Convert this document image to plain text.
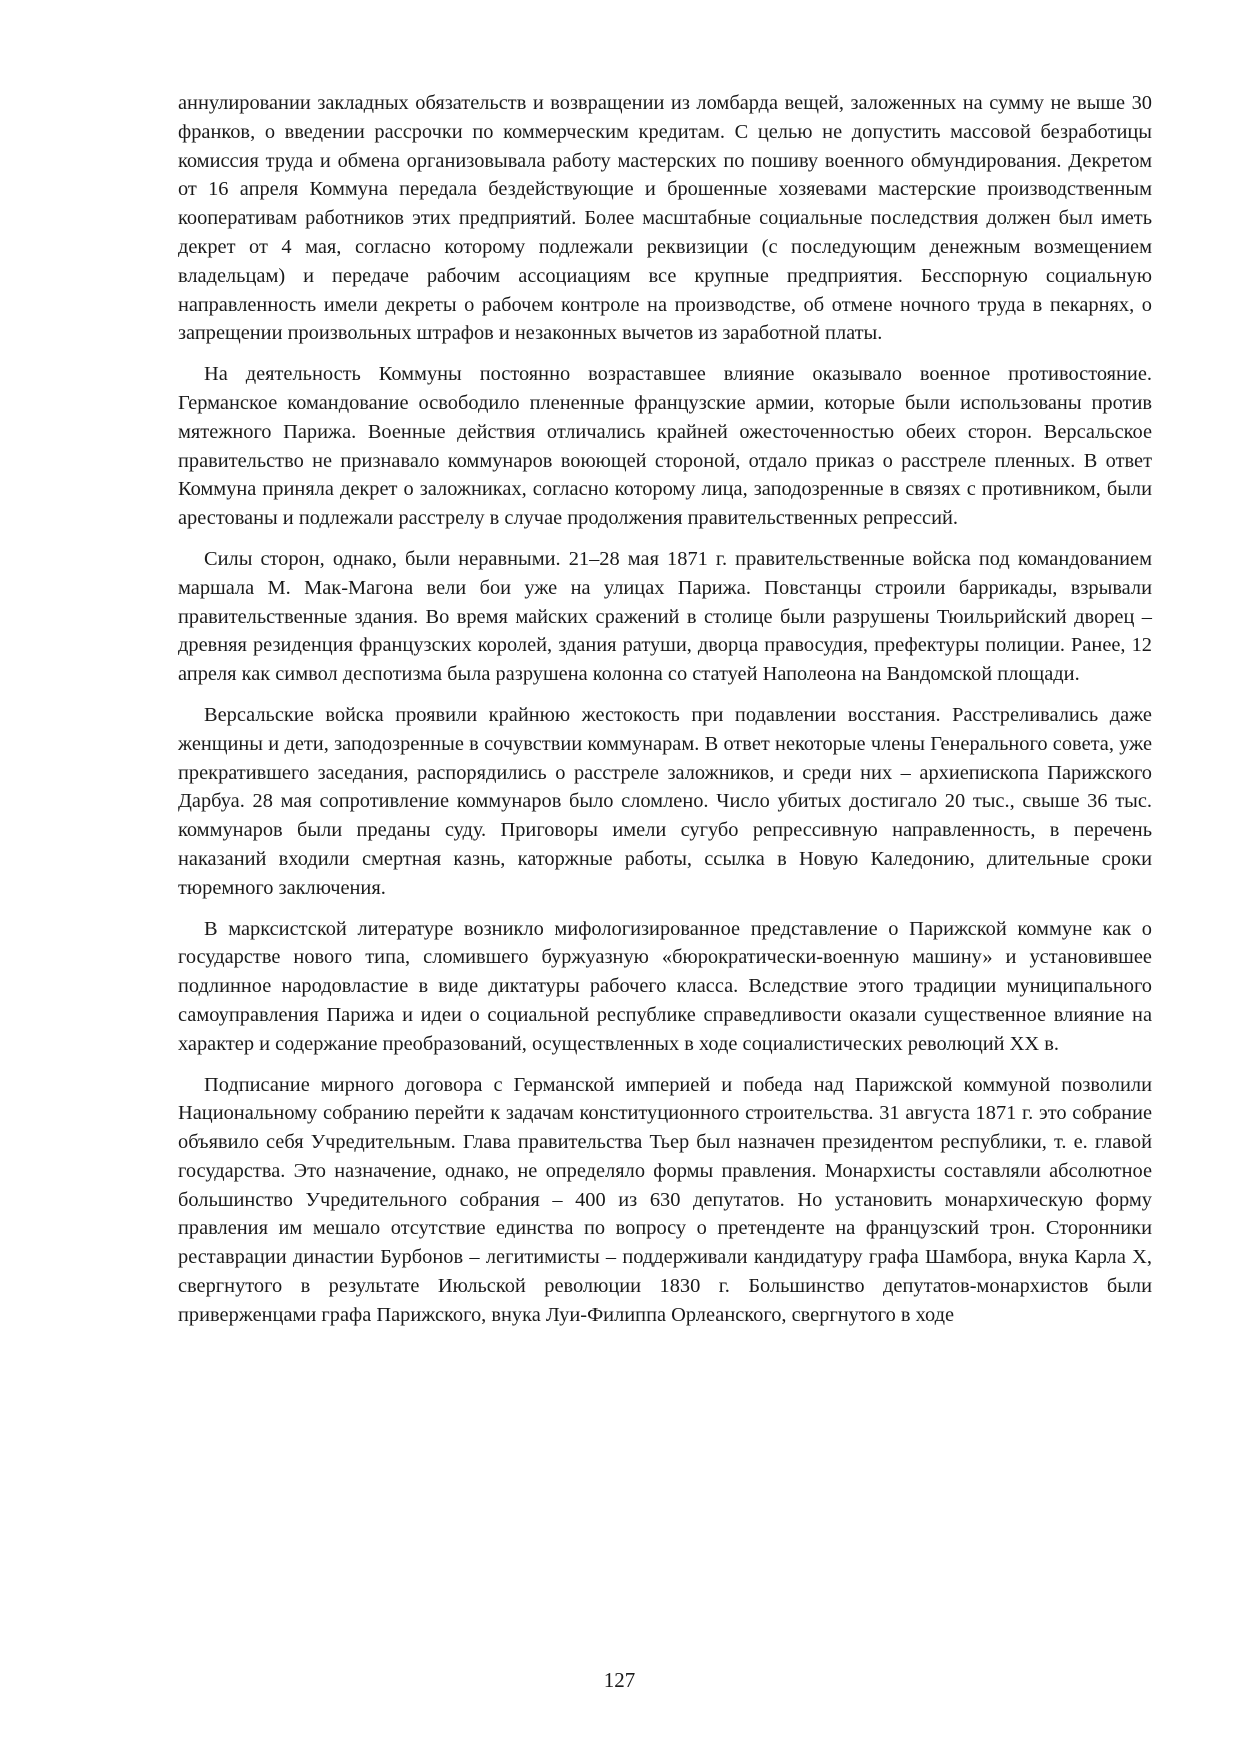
аннулировании закладных обязательств и возвращении из ломбарда вещей, заложенных на сумму не выше 30 франков, о введении рассрочки по коммерческим кредитам. С целью не допустить массовой безработицы комиссия труда и обмена организовывала работу мастерских по пошиву военного обмундирования. Декретом от 16 апреля Коммуна передала бездействующие и брошенные хозяевами мастерские производственным кооперативам работников этих предприятий. Более масштабные социальные последствия должен был иметь декрет от 4 мая, согласно которому подлежали реквизиции (с последующим денежным возмещением владельцам) и передаче рабочим ассоциациям все крупные предприятия. Бесспорную социальную направленность имели декреты о рабочем контроле на производстве, об отмене ночного труда в пекарнях, о запрещении произвольных штрафов и незаконных вычетов из заработной платы.

На деятельность Коммуны постоянно возраставшее влияние оказывало военное противостояние. Германское командование освободило плененные французские армии, которые были использованы против мятежного Парижа. Военные действия отличались крайней ожесточенностью обеих сторон. Версальское правительство не признавало коммунаров воюющей стороной, отдало приказ о расстреле пленных. В ответ Коммуна приняла декрет о заложниках, согласно которому лица, заподозренные в связях с противником, были арестованы и подлежали расстрелу в случае продолжения правительственных репрессий.

Силы сторон, однако, были неравными. 21–28 мая 1871 г. правительственные войска под командованием маршала М. Мак-Магона вели бои уже на улицах Парижа. Повстанцы строили баррикады, взрывали правительственные здания. Во время майских сражений в столице были разрушены Тюильрийский дворец – древняя резиденция французских королей, здания ратуши, дворца правосудия, префектуры полиции. Ранее, 12 апреля как символ деспотизма была разрушена колонна со статуей Наполеона на Вандомской площади.

Версальские войска проявили крайнюю жестокость при подавлении восстания. Расстреливались даже женщины и дети, заподозренные в сочувствии коммунарам. В ответ некоторые члены Генерального совета, уже прекратившего заседания, распорядились о расстреле заложников, и среди них – архиепископа Парижского Дарбуа. 28 мая сопротивление коммунаров было сломлено. Число убитых достигало 20 тыс., свыше 36 тыс. коммунаров были преданы суду. Приговоры имели сугубо репрессивную направленность, в перечень наказаний входили смертная казнь, каторжные работы, ссылка в Новую Каледонию, длительные сроки тюремного заключения.

В марксистской литературе возникло мифологизированное представление о Парижской коммуне как о государстве нового типа, сломившего буржуазную «бюрократически-военную машину» и установившее подлинное народовластие в виде диктатуры рабочего класса. Вследствие этого традиции муниципального самоуправления Парижа и идеи о социальной республике справедливости оказали существенное влияние на характер и содержание преобразований, осуществленных в ходе социалистических революций XX в.

Подписание мирного договора с Германской империей и победа над Парижской коммуной позволили Национальному собранию перейти к задачам конституционного строительства. 31 августа 1871 г. это собрание объявило себя Учредительным. Глава правительства Тьер был назначен президентом республики, т. е. главой государства. Это назначение, однако, не определяло формы правления. Монархисты составляли абсолютное большинство Учредительного собрания – 400 из 630 депутатов. Но установить монархическую форму правления им мешало отсутствие единства по вопросу о претенденте на французский трон. Сторонники реставрации династии Бурбонов – легитимисты – поддерживали кандидатуру графа Шамбора, внука Карла X, свергнутого в результате Июльской революции 1830 г. Большинство депутатов-монархистов были приверженцами графа Парижского, внука Луи-Филиппа Орлеанского, свергнутого в ходе

127
